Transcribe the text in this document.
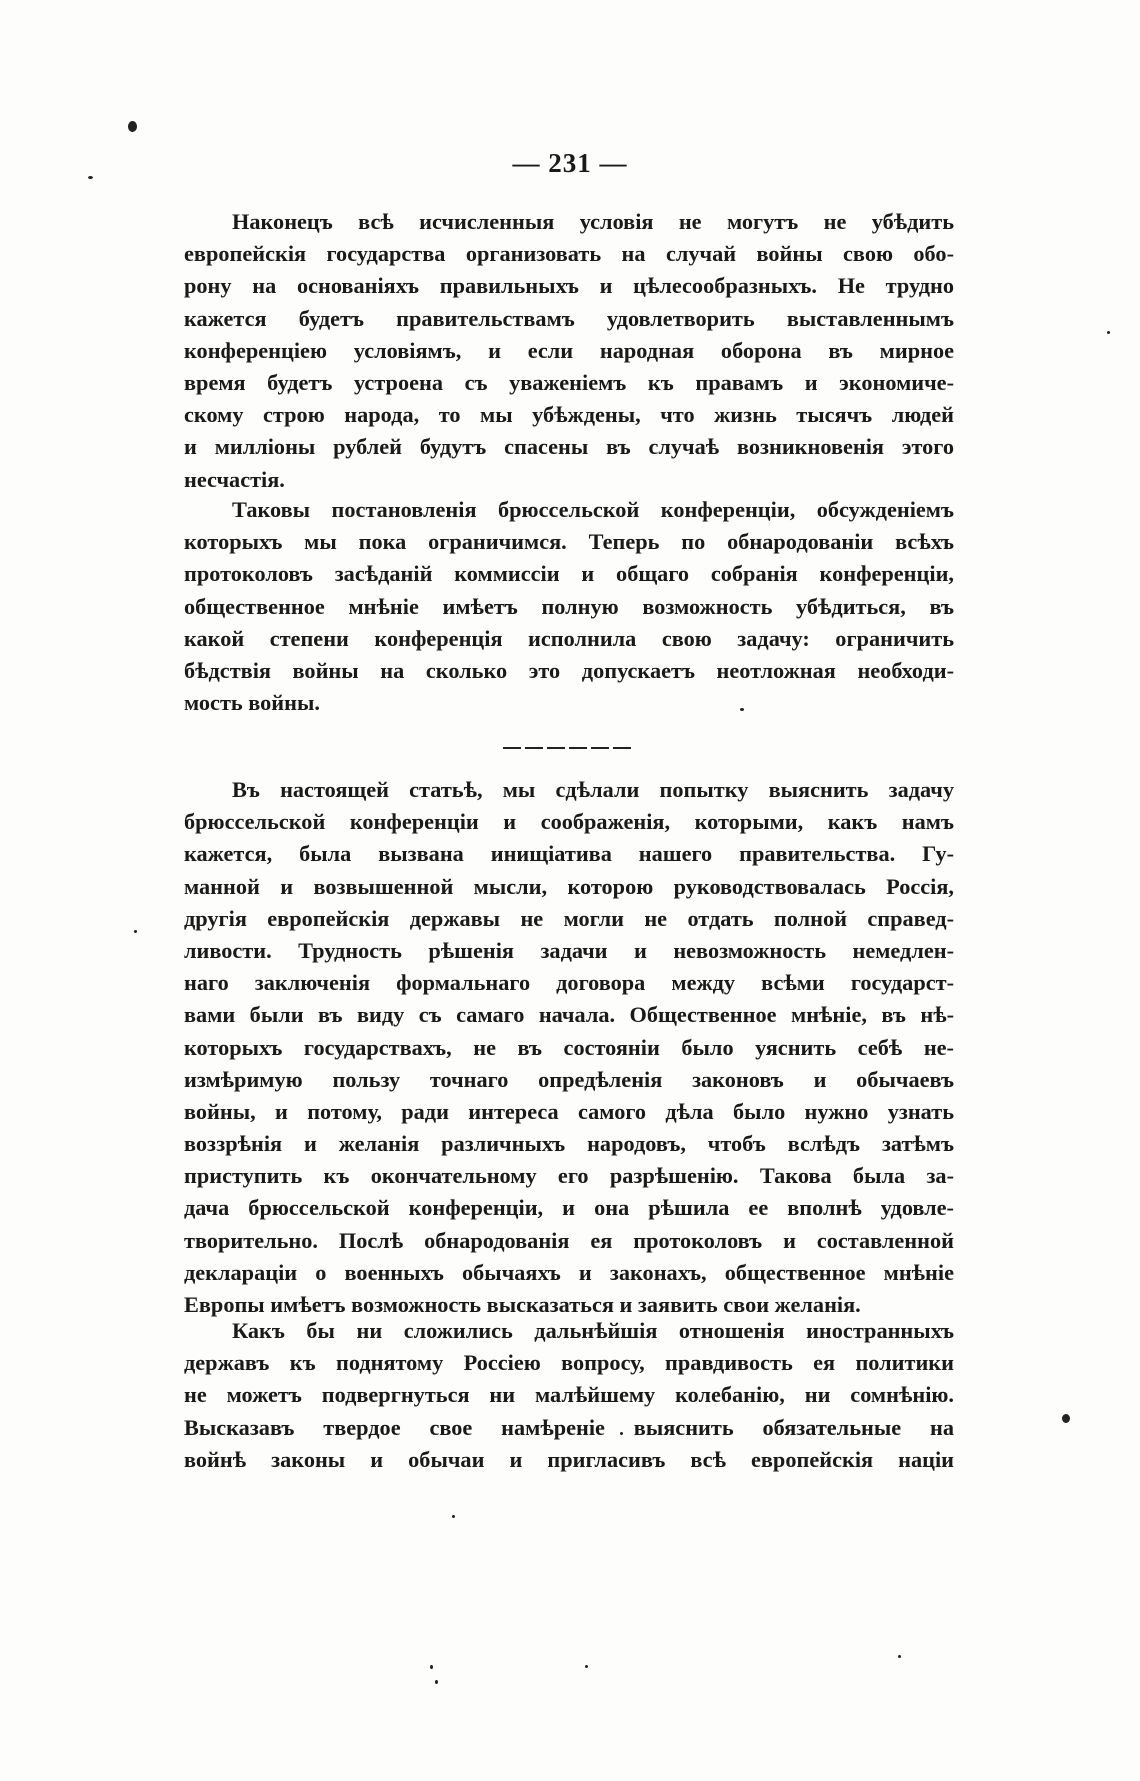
— 231 —
Наконецъ всѣ исчисленныя условія не могутъ не убѣдить
европейскія государства организовать на случай войны свою обо-
рону на основаніяхъ правильныхъ и цѣлесообразныхъ. Не трудно
кажется будетъ правительствамъ удовлетворить выставленнымъ
конференціею условіямъ, и если народная оборона въ мирное
время будетъ устроена съ уваженіемъ къ правамъ и экономиче-
скому строю народа, то мы убѣждены, что жизнь тысячъ людей
и милліоны рублей будутъ спасены въ случаѣ возникновенія этого
несчастія.
Таковы постановленія брюссельской конференціи, обсужденіемъ
которыхъ мы пока ограничимся. Теперь по обнародованіи всѣхъ
протоколовъ засѣданій коммиссіи и общаго собранія конференціи,
общественное мнѣніе имѣетъ полную возможность убѣдиться, въ
какой степени конференція исполнила свою задачу: ограничить
бѣдствія войны на сколько это допускаетъ неотложная необходи-
мость войны.
Въ настоящей статьѣ, мы сдѣлали попытку выяснить задачу
брюссельской конференціи и соображенія, которыми, какъ намъ
кажется, была вызвана инищіатива нашего правительства. Гу-
манной и возвышенной мысли, которою руководствовалась Россія,
другія европейскія державы не могли не отдать полной справед-
ливости. Трудность рѣшенія задачи и невозможность немедлен-
наго заключенія формальнаго договора между всѣми государст-
вами были въ виду съ самаго начала. Общественное мнѣніе, въ нѣ-
которыхъ государствахъ, не въ состояніи было уяснить себѣ не-
измѣримую пользу точнаго опредѣленія законовъ и обычаевъ
войны, и потому, ради интереса самого дѣла было нужно узнать
воззрѣнія и желанія различныхъ народовъ, чтобъ вслѣдъ затѣмъ
приступить къ окончательному его разрѣшенію. Такова была за-
дача брюссельской конференціи, и она рѣшила ее вполнѣ удовле-
творительно. Послѣ обнародованія ея протоколовъ и составленной
деклараціи о военныхъ обычаяхъ и законахъ, общественное мнѣніе
Европы имѣетъ возможность высказаться и заявить свои желанія.
Какъ бы ни сложились дальнѣйшія отношенія иностранныхъ
державъ къ поднятому Россіею вопросу, правдивость ея политики
не можетъ подвергнуться ни малѣйшему колебанію, ни сомнѣнію.
Высказавъ твердое свое намѣреніе выяснить обязательные на
войнѣ законы и обычаи и пригласивъ всѣ европейскія націи
